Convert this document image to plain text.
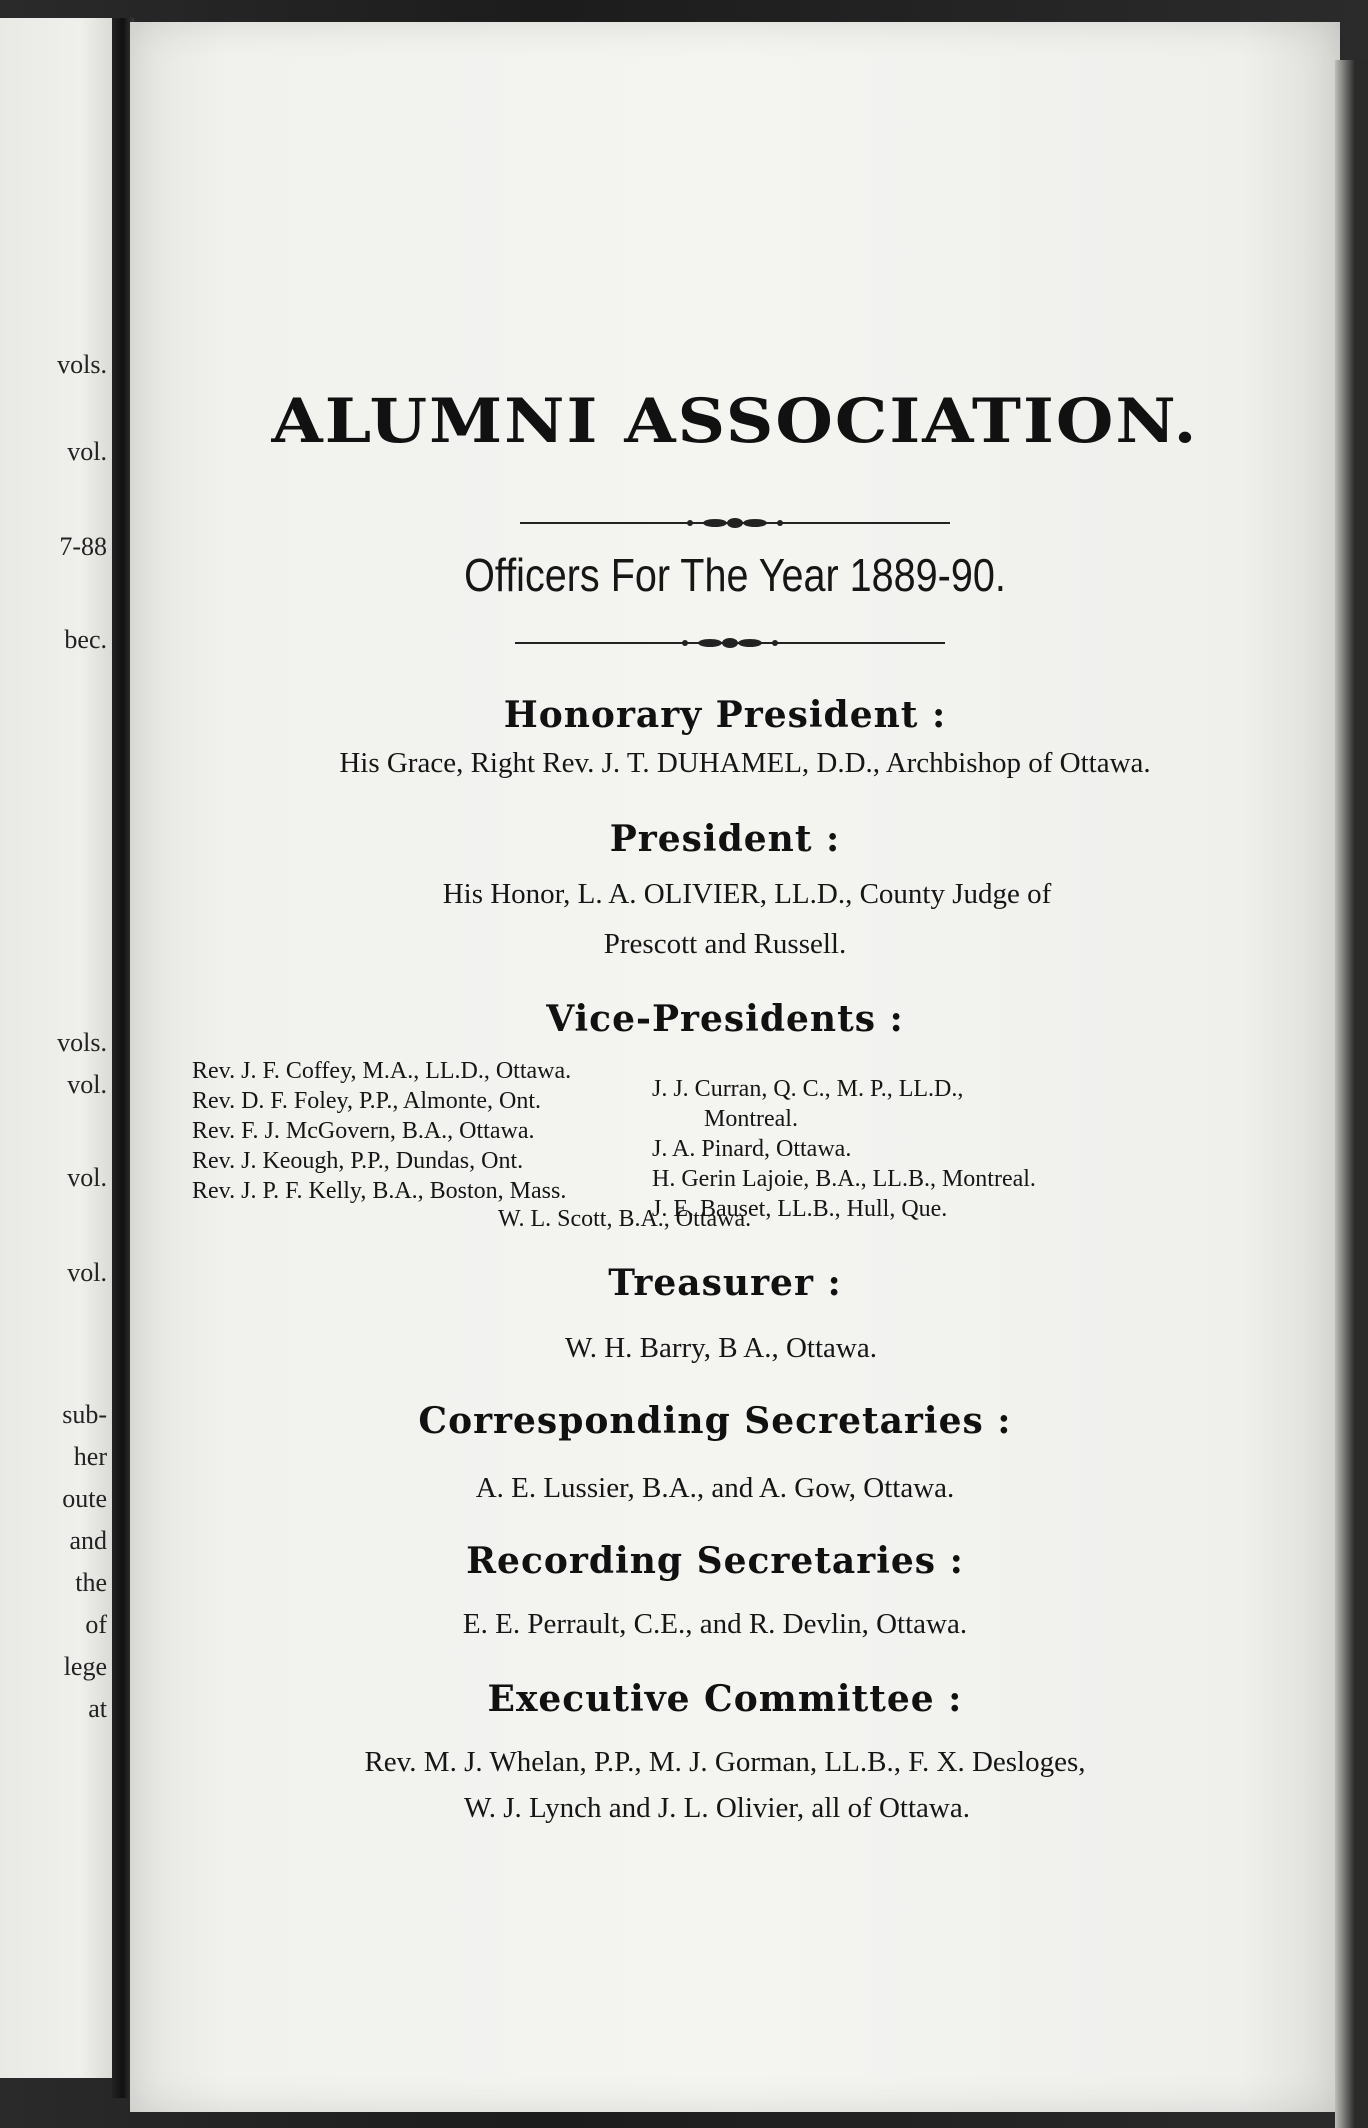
vols.
vol.
7-88
bec.
vols.
vol.
vol.
vol.
sub-
her
oute
and
the
of
lege
at
ALUMNI ASSOCIATION.
Officers For The Year 1889-90.
Honorary President :
His Grace, Right Rev. J. T. DUHAMEL, D.D., Archbishop of Ottawa.
President :
His Honor, L. A. OLIVIER, LL.D., County Judge of
Prescott and Russell.
Vice-Presidents :
Rev. J. F. Coffey, M.A., LL.D., Ottawa.
Rev. D. F. Foley, P.P., Almonte, Ont.
Rev. F. J. McGovern, B.A., Ottawa.
Rev. J. Keough, P.P., Dundas, Ont.
Rev. J. P. F. Kelly, B.A., Boston, Mass.
J. J. Curran, Q. C., M. P., LL.D.,
Montreal.
J. A. Pinard, Ottawa.
H. Gerin Lajoie, B.A., LL.B., Montreal.
J. E. Bauset, LL.B., Hull, Que.
W. L. Scott, B.A., Ottawa.
Treasurer :
W. H. Barry, B A., Ottawa.
Corresponding Secretaries :
A. E. Lussier, B.A., and A. Gow, Ottawa.
Recording Secretaries :
E. E. Perrault, C.E., and R. Devlin, Ottawa.
Executive Committee :
Rev. M. J. Whelan, P.P., M. J. Gorman, LL.B., F. X. Desloges,
W. J. Lynch and J. L. Olivier, all of Ottawa.
